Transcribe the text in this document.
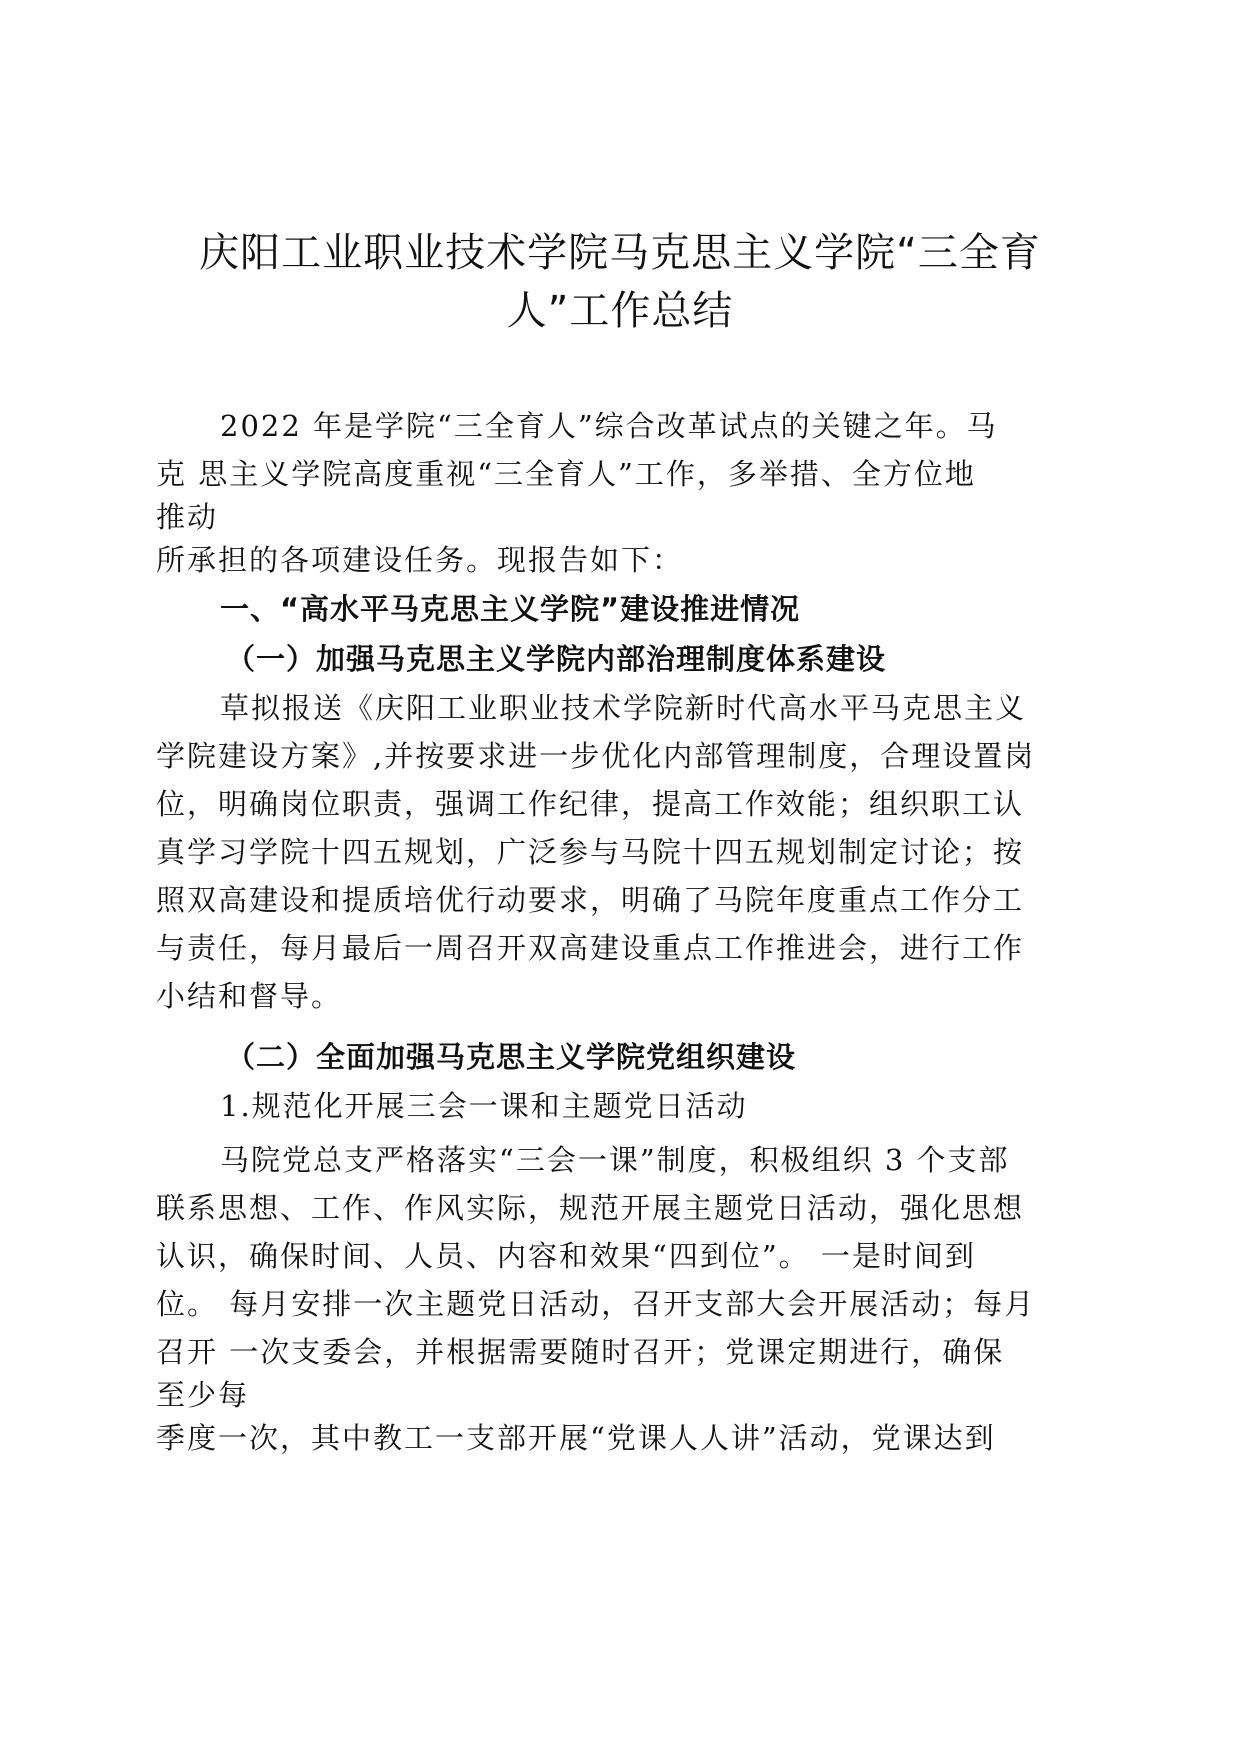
庆阳工业职业技术学院马克思主义学院“三全育
人”工作总结
2022 年是学院“三全育人”综合改革试点的关键之年。马
克 思主义学院高度重视“三全育人”工作，多举措、全方位地
推动
所承担的各项建设任务。现报告如下：
一、“高水平马克思主义学院”建设推进情况
（一）加强马克思主义学院内部治理制度体系建设
草拟报送《庆阳工业职业技术学院新时代高水平马克思主义
学院建设方案》,并按要求进一步优化内部管理制度，合理设置岗
位，明确岗位职责，强调工作纪律，提高工作效能；组织职工认
真学习学院十四五规划，广泛参与马院十四五规划制定讨论；按
照双高建设和提质培优行动要求，明确了马院年度重点工作分工
与责任，每月最后一周召开双高建设重点工作推进会，进行工作
小结和督导。
（二）全面加强马克思主义学院党组织建设
1.规范化开展三会一课和主题党日活动
马院党总支严格落实“三会一课”制度，积极组织 3 个支部
联系思想、工作、作风实际，规范开展主题党日活动，强化思想
认识，确保时间、人员、内容和效果“四到位”。 一是时间到
位。 每月安排一次主题党日活动，召开支部大会开展活动；每月
召开 一次支委会，并根据需要随时召开；党课定期进行，确保
至少每
季度一次，其中教工一支部开展“党课人人讲”活动，党课达到
